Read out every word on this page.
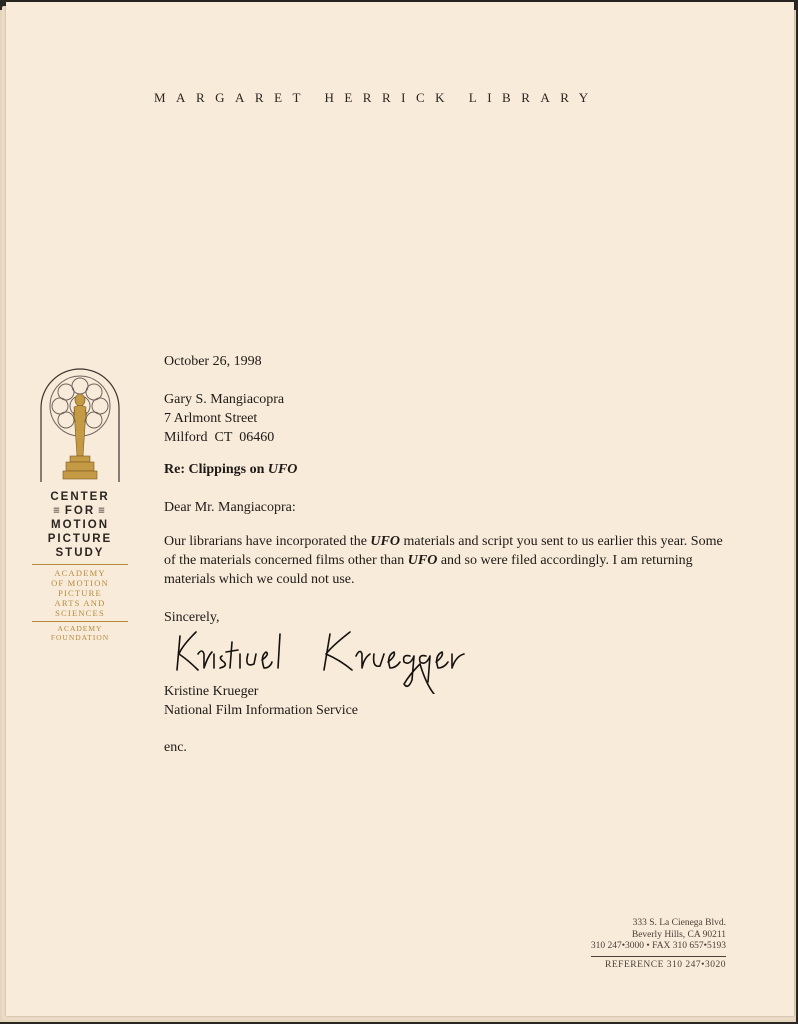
MARGARET HERRICK LIBRARY
CENTER
≡ FOR ≡
MOTION
PICTURE
STUDY
ACADEMY
OF MOTION
PICTURE
ARTS AND
SCIENCES
ACADEMY
FOUNDATION
October 26, 1998
Gary S. Mangiacopra
7 Arlmont Street
Milford  CT  06460
Re: Clippings on UFO
Dear Mr. Mangiacopra:
Our librarians have incorporated the UFO materials and script you sent to us earlier this year. Some of the materials concerned films other than UFO and so were filed accordingly. I am returning materials which we could not use.
Sincerely,
Kristine Krueger
National Film Information Service
enc.
333 S. La Cienega Blvd.
Beverly Hills, CA 90211
310 247•3000 • FAX 310 657•5193
REFERENCE 310 247•3020
